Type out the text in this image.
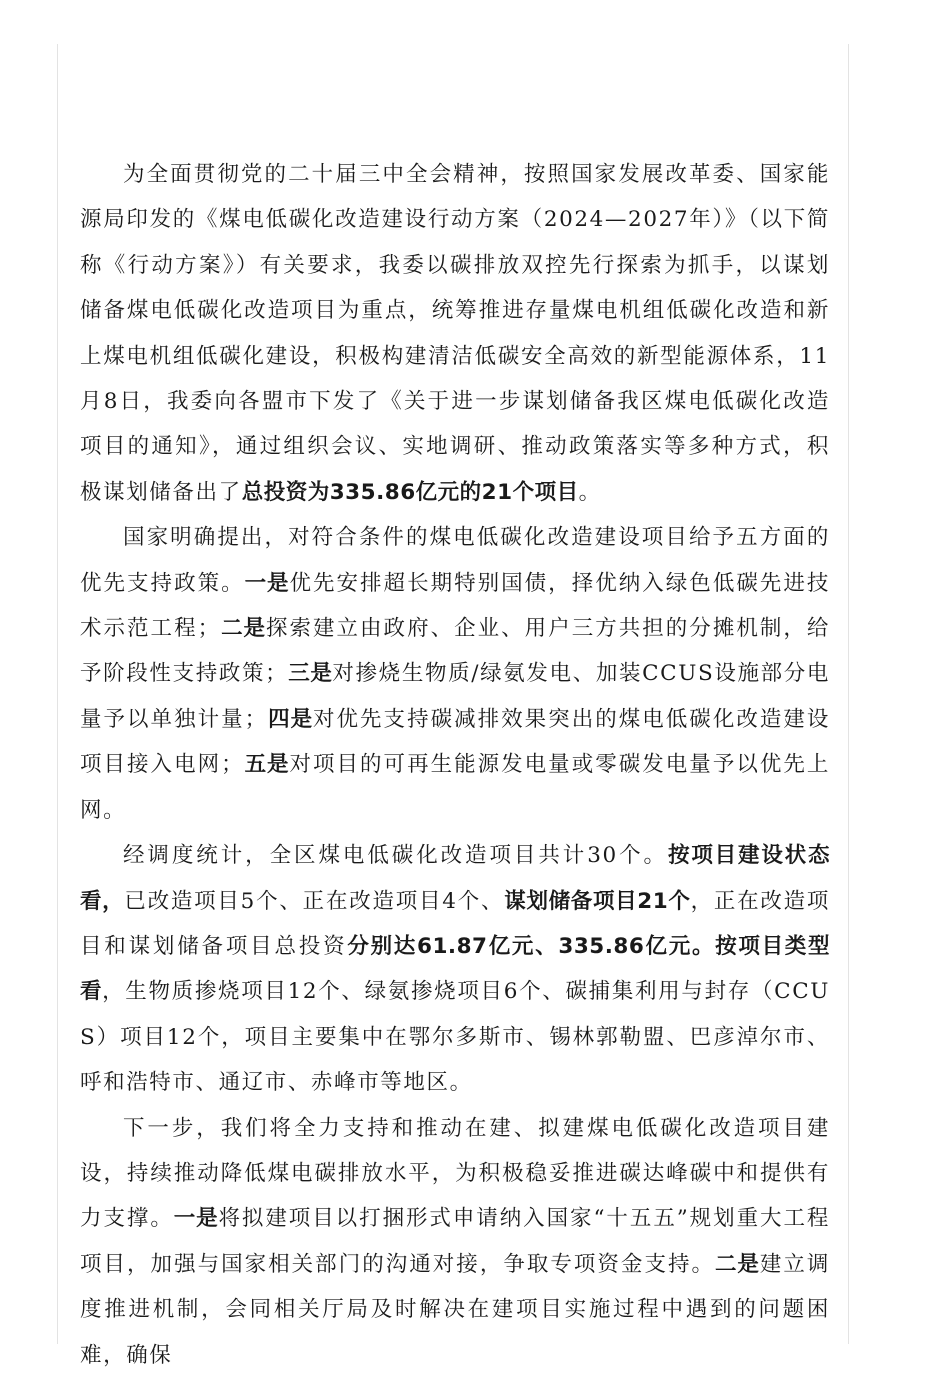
为全面贯彻党的二十届三中全会精神，按照国家发展改革委、国家能源局印发的《煤电低碳化改造建设行动方案（2024—2027年）》（以下简称《行动方案》）有关要求，我委以碳排放双控先行探索为抓手，以谋划储备煤电低碳化改造项目为重点，统筹推进存量煤电机组低碳化改造和新上煤电机组低碳化建设，积极构建清洁低碳安全高效的新型能源体系，11月8日，我委向各盟市下发了《关于进一步谋划储备我区煤电低碳化改造项目的通知》，通过组织会议、实地调研、推动政策落实等多种方式，积极谋划储备出了总投资为335.86亿元的21个项目。

国家明确提出，对符合条件的煤电低碳化改造建设项目给予五方面的优先支持政策。一是优先安排超长期特别国债，择优纳入绿色低碳先进技术示范工程；二是探索建立由政府、企业、用户三方共担的分摊机制，给予阶段性支持政策；三是对掺烧生物质/绿氨发电、加装CCUS设施部分电量予以单独计量；四是对优先支持碳减排效果突出的煤电低碳化改造建设项目接入电网；五是对项目的可再生能源发电量或零碳发电量予以优先上网。

经调度统计，全区煤电低碳化改造项目共计30个。按项目建设状态看，已改造项目5个、正在改造项目4个、谋划储备项目21个，正在改造项目和谋划储备项目总投资分别达61.87亿元、335.86亿元。按项目类型看，生物质掺烧项目12个、绿氨掺烧项目6个、碳捕集利用与封存（CCUS）项目12个，项目主要集中在鄂尔多斯市、锡林郭勒盟、巴彦淖尔市、呼和浩特市、通辽市、赤峰市等地区。

下一步，我们将全力支持和推动在建、拟建煤电低碳化改造项目建设，持续推动降低煤电碳排放水平，为积极稳妥推进碳达峰碳中和提供有力支撑。一是将拟建项目以打捆形式申请纳入国家“十五五”规划重大工程项目，加强与国家相关部门的沟通对接，争取专项资金支持。二是建立调度推进机制，会同相关厅局及时解决在建项目实施过程中遇到的问题困难，确保
